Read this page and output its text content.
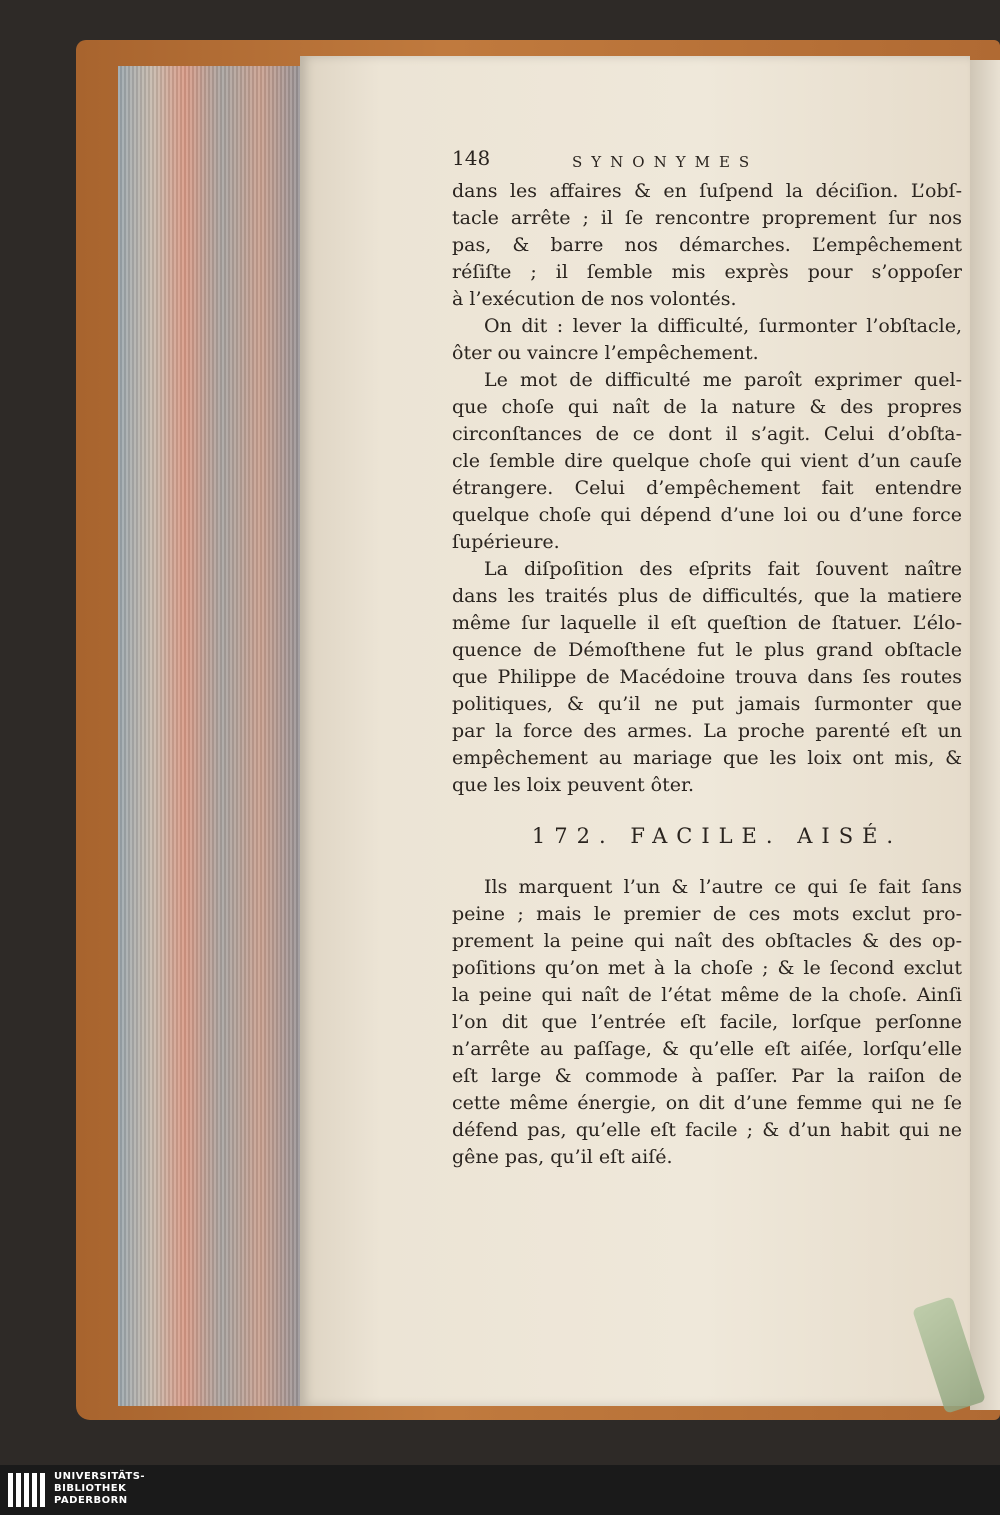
148	SYNONYMES
dans les affaires & en ſuſpend la déciſion. L’obſ-
tacle arrête ; il ſe rencontre proprement ſur nos
pas, & barre nos démarches. L’empêchement
réſiſte ; il ſemble mis exprès pour s’oppoſer
à l’exécution de nos volontés.
On dit : lever la difficulté, ſurmonter l’obſtacle,
ôter ou vaincre l’empêchement.
Le mot de difficulté me paroît exprimer quel-
que choſe qui naît de la nature & des propres
circonſtances de ce dont il s’agit. Celui d’obſta-
cle ſemble dire quelque choſe qui vient d’un cauſe
étrangere. Celui d’empêchement fait entendre
quelque choſe qui dépend d’une loi ou d’une force
ſupérieure.
La diſpoſition des eſprits fait ſouvent naître
dans les traités plus de difficultés, que la matiere
même ſur laquelle il eſt queſtion de ſtatuer. L’élo-
quence de Démoſthene fut le plus grand obſtacle
que Philippe de Macédoine trouva dans ſes routes
politiques, & qu’il ne put jamais ſurmonter que
par la force des armes. La proche parenté eſt un
empêchement au mariage que les loix ont mis, &
que les loix peuvent ôter.
172. FACILE. AISÉ.
Ils marquent l’un & l’autre ce qui ſe fait ſans
peine ; mais le premier de ces mots exclut pro-
prement la peine qui naît des obſtacles & des op-
poſitions qu’on met à la choſe ; & le ſecond exclut
la peine qui naît de l’état même de la choſe. Ainſi
l’on dit que l’entrée eſt facile, lorſque perſonne
n’arrête au paſſage, & qu’elle eſt aiſée, lorſqu’elle
eſt large & commode à paſſer. Par la raiſon de
cette même énergie, on dit d’une femme qui ne ſe
défend pas, qu’elle eſt facile ; & d’un habit qui ne
gêne pas, qu’il eſt aiſé.
UNIVERSITÄTS-
BIBLIOTHEK
PADERBORN
